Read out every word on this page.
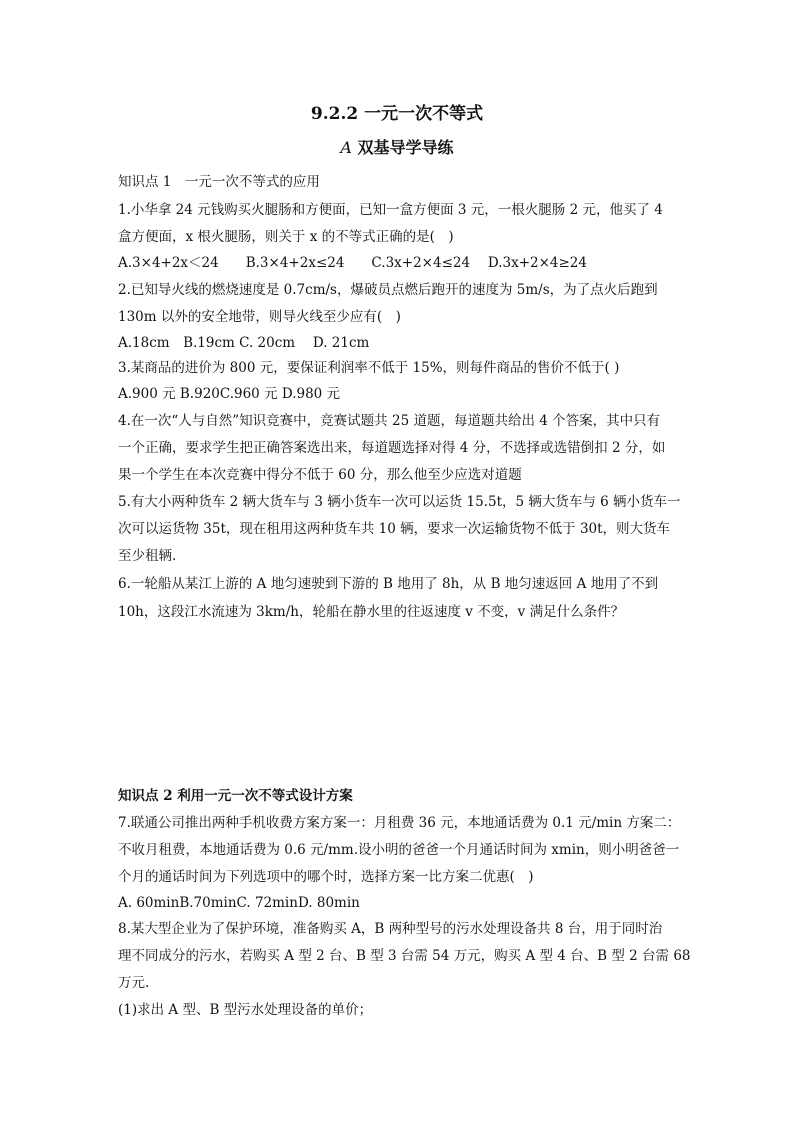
9.2.2 一元一次不等式
A 双基导学导练
知识点 1　一元一次不等式的应用
1.小华拿 24 元钱购买火腿肠和方便面，已知一盒方便面 3 元，一根火腿肠 2 元，他买了 4
盒方便面，x 根火腿肠，则关于 x 的不等式正确的是(　)
A.3×4+2x＜24　　B.3×4+2x≤24　　C.3x+2×4≤24　 D.3x+2×4≥24
2.已知导火线的燃烧速度是 0.7cm/s，爆破员点燃后跑开的速度为 5m/s，为了点火后跑到
130m 以外的安全地带，则导火线至少应有(　)
A.18cm　B.19cm C. 20cm　 D. 21cm
3.某商品的进价为 800 元，要保证利润率不低于 15%，则每件商品的售价不低于( )
A.900 元 B.920C.960 元 D.980 元
4.在一次“人与自然”知识竞赛中，竞赛试题共 25 道题，每道题共给出 4 个答案，其中只有
一个正确，要求学生把正确答案选出来，每道题选择对得 4 分，不选择或选错倒扣 2 分，如
果一个学生在本次竞赛中得分不低于 60 分，那么他至少应选对道题
5.有大小两种货车 2 辆大货车与 3 辆小货车一次可以运货 15.5t，5 辆大货车与 6 辆小货车一
次可以运货物 35t，现在租用这两种货车共 10 辆，要求一次运输货物不低于 30t，则大货车
至少租辆.
6.一轮船从某江上游的 A 地匀速驶到下游的 B 地用了 8h，从 B 地匀速返回 A 地用了不到
10h，这段江水流速为 3km/h，轮船在静水里的往返速度 v 不变，v 满足什么条件？
知识点 2 利用一元一次不等式设计方案
7.联通公司推出两种手机收费方案方案一：月租费 36 元，本地通话费为 0.1 元/min 方案二：
不收月租费，本地通话费为 0.6 元/mm.设小明的爸爸一个月通话时间为 xmin，则小明爸爸一
个月的通话时间为下列选项中的哪个时，选择方案一比方案二优惠(　)
A. 60minB.70minC. 72minD. 80min
8.某大型企业为了保护环境，准备购买 A，B 两种型号的污水处理设备共 8 台，用于同时治
理不同成分的污水，若购买 A 型 2 台、B 型 3 台需 54 万元，购买 A 型 4 台、B 型 2 台需 68
万元.
(1)求出 A 型、B 型污水处理设备的单价；
